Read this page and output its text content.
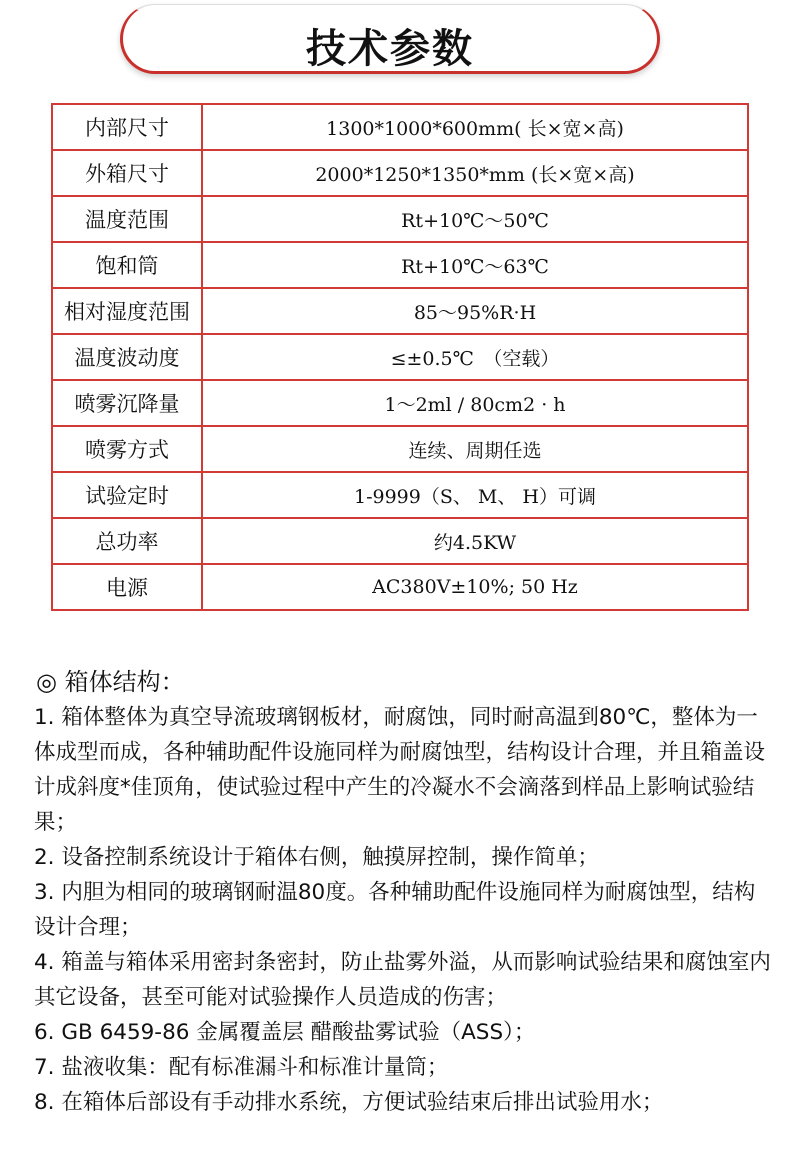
技术参数
内部尺寸	1300*1000*600mm( 长×宽×高)
外箱尺寸	2000*1250*1350*mm (长×宽×高)
温度范围	Rt+10℃～50℃
饱和筒	Rt+10℃～63℃
相对湿度范围	85～95%R·H
温度波动度	≤±0.5℃　（空载）
喷雾沉降量	1～2ml / 80cm2 · h
喷雾方式	连续、周期任选
试验定时	1-9999（S、 M、 H）可调
总功率	约4.5KW
电源	AC380V±10%; 50 Hz
◎ 箱体结构：

1. 箱体整体为真空导流玻璃钢板材，耐腐蚀，同时耐高温到80℃，整体为一体成型而成，各种辅助配件设施同样为耐腐蚀型，结构设计合理，并且箱盖设计成斜度*佳顶角，使试验过程中产生的冷凝水不会滴落到样品上影响试验结果；

2. 设备控制系统设计于箱体右侧，触摸屏控制，操作简单；

3. 内胆为相同的玻璃钢耐温80度。各种辅助配件设施同样为耐腐蚀型，结构设计合理；

4. 箱盖与箱体采用密封条密封，防止盐雾外溢，从而影响试验结果和腐蚀室内其它设备，甚至可能对试验操作人员造成的伤害；

6. GB 6459-86 金属覆盖层 醋酸盐雾试验（ASS）；

7. 盐液收集：配有标准漏斗和标准计量筒；

8. 在箱体后部设有手动排水系统，方便试验结束后排出试验用水；
